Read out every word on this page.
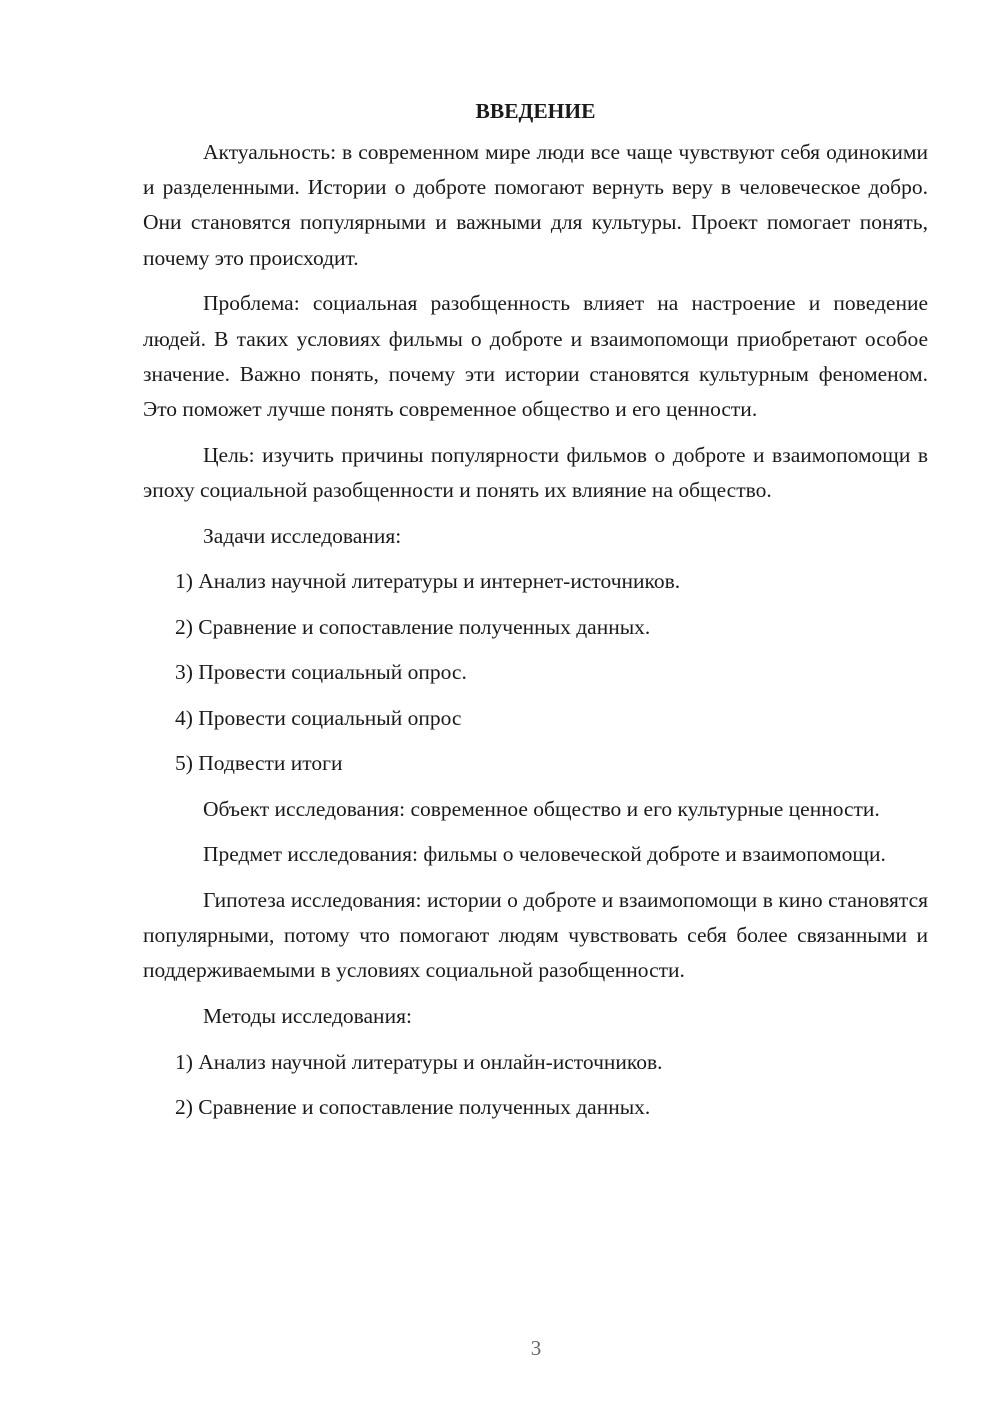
ВВЕДЕНИЕ

Актуальность: в современном мире люди все чаще чувствуют себя одинокими и разделенными. Истории о доброте помогают вернуть веру в человеческое добро. Они становятся популярными и важными для культуры. Проект помогает понять, почему это происходит.

Проблема: социальная разобщенность влияет на настроение и поведение людей. В таких условиях фильмы о доброте и взаимопомощи приобретают особое значение. Важно понять, почему эти истории становятся культурным феноменом. Это поможет лучше понять современное общество и его ценности.

Цель: изучить причины популярности фильмов о доброте и взаимопомощи в эпоху социальной разобщенности и понять их влияние на общество.

Задачи исследования:
1) Анализ научной литературы и интернет-источников.
2) Сравнение и сопоставление полученных данных.
3) Провести социальный опрос.
4) Провести социальный опрос
5) Подвести итоги

Объект исследования: современное общество и его культурные ценности.

Предмет исследования: фильмы о человеческой доброте и взаимопомощи.

Гипотеза исследования: истории о доброте и взаимопомощи в кино становятся популярными, потому что помогают людям чувствовать себя более связанными и поддерживаемыми в условиях социальной разобщенности.

Методы исследования:
1) Анализ научной литературы и онлайн-источников.
2) Сравнение и сопоставление полученных данных.
3
